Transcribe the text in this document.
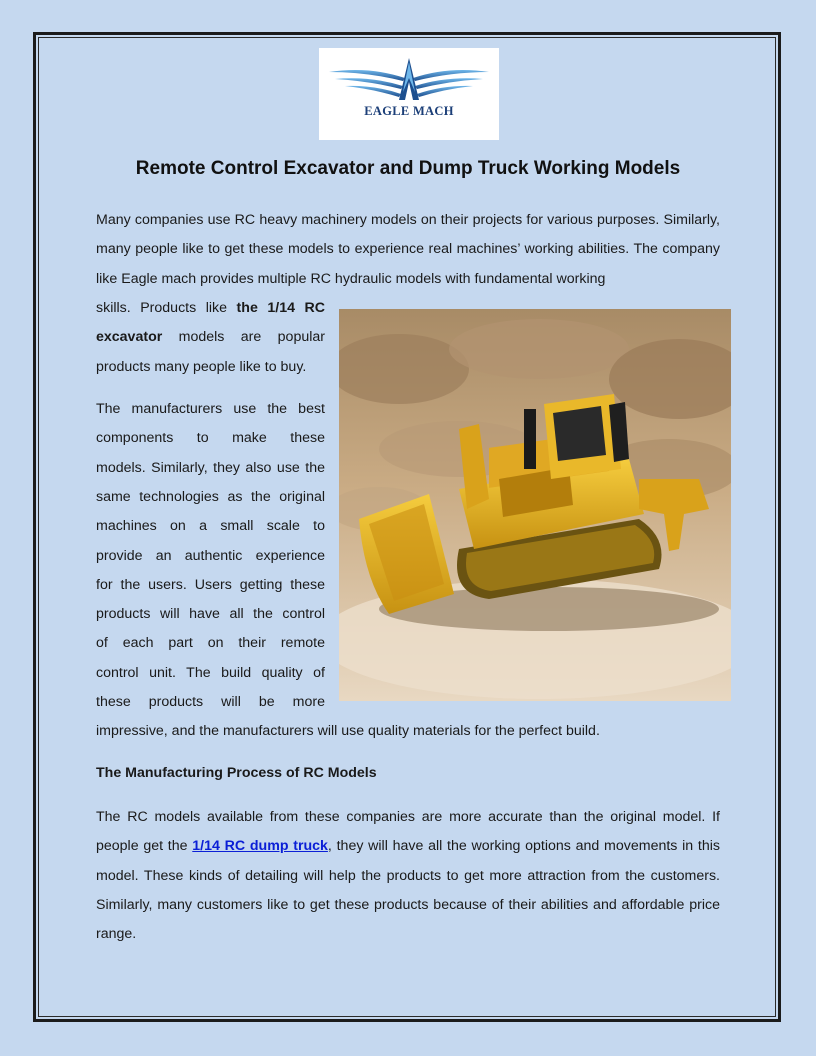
EAGLE MACH
Remote Control Excavator and Dump Truck Working Models

Many companies use RC heavy machinery models on their projects for various purposes. Similarly, many people like to get these models to experience real machines’ working abilities. The company like Eagle mach provides multiple RC hydraulic models with fundamental working

skills. Products like the 1/14 RC

excavator models are popular

products many people like to buy.

The manufacturers use the best

components to make these

models. Similarly, they also use the

same technologies as the original

machines on a small scale to

provide an authentic experience

for the users. Users getting these

products will have all the control

of each part on their remote

control unit. The build quality of

these products will be more

impressive, and the manufacturers will use quality materials for the perfect build.

The Manufacturing Process of RC Models

The RC models available from these companies are more accurate than the original model. If people get the 1/14 RC dump truck, they will have all the working options and movements in this model. These kinds of detailing will help the products to get more attraction from the customers. Similarly, many customers like to get these products because of their abilities and affordable price range.
